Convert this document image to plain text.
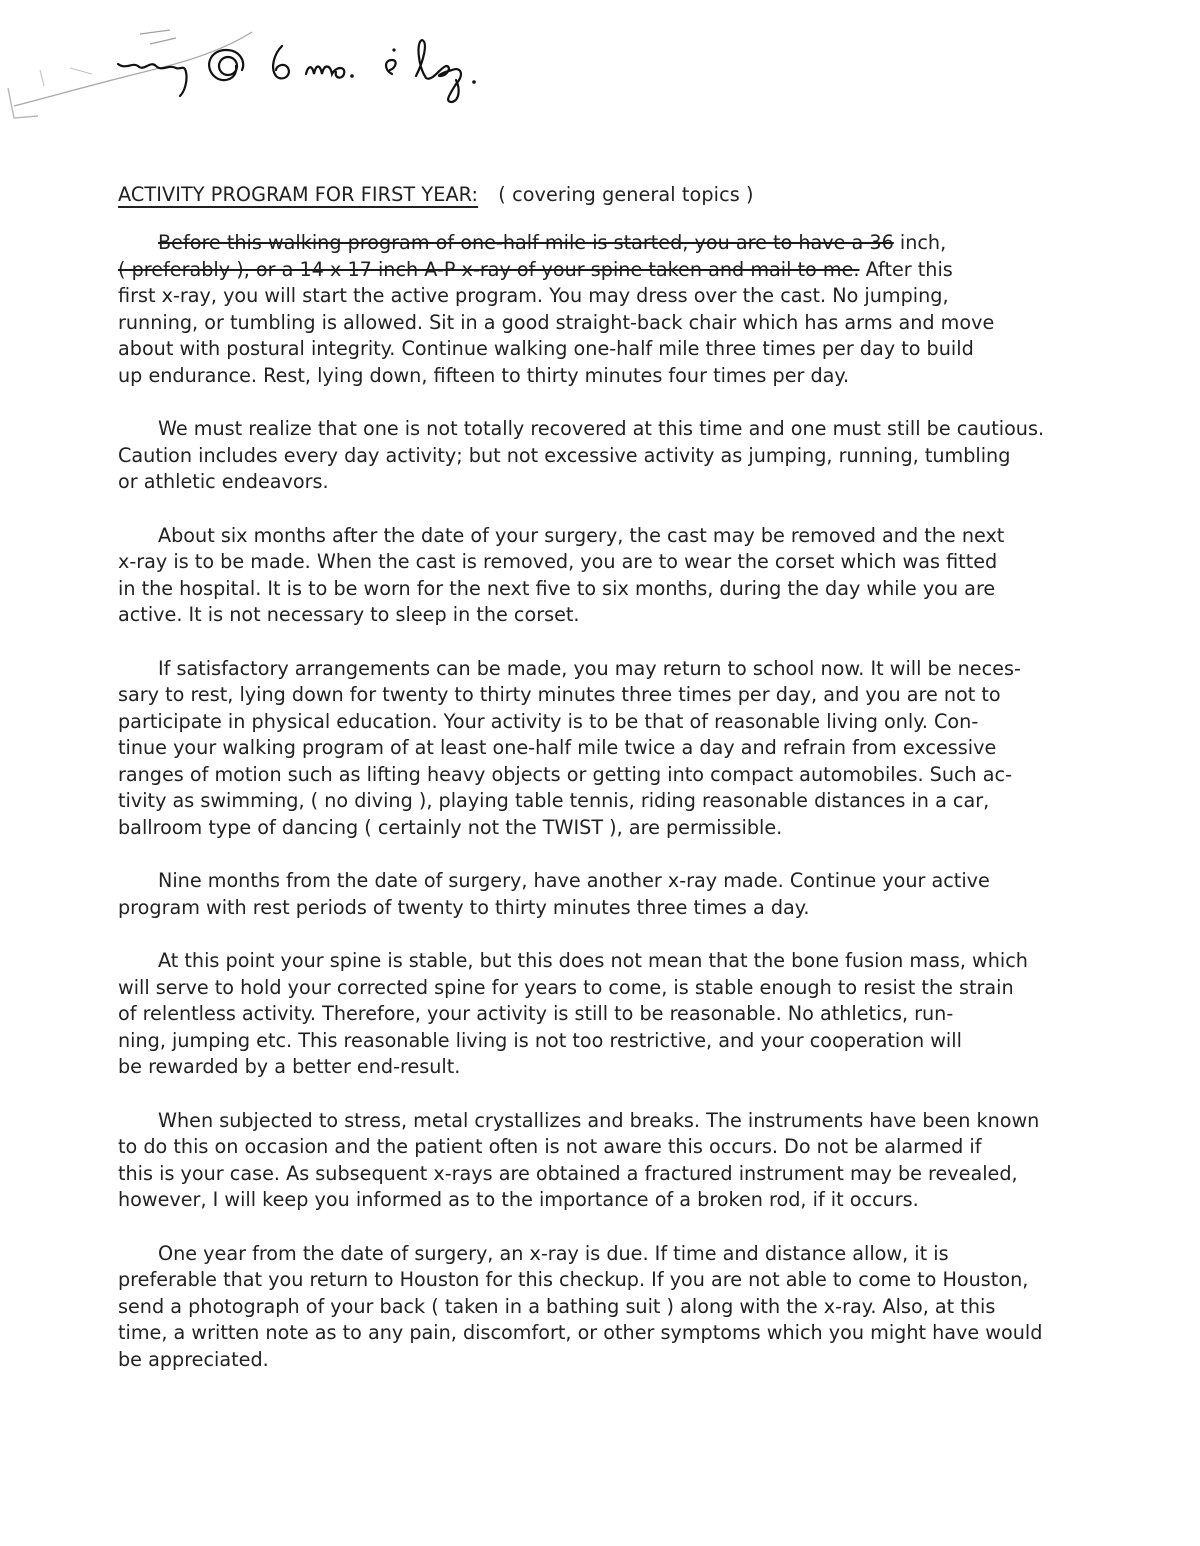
ACTIVITY PROGRAM FOR FIRST YEAR: ( covering general topics )

Before this walking program of one-half mile is started, you are to have a 36 inch,
( preferably ), or a 14 x 17 inch A-P x-ray of your spine taken and mail to me. After this
first x-ray, you will start the active program. You may dress over the cast. No jumping,
running, or tumbling is allowed. Sit in a good straight-back chair which has arms and move
about with postural integrity. Continue walking one-half mile three times per day to build
up endurance. Rest, lying down, fifteen to thirty minutes four times per day.

We must realize that one is not totally recovered at this time and one must still be cautious.
Caution includes every day activity; but not excessive activity as jumping, running, tumbling
or athletic endeavors.

About six months after the date of your surgery, the cast may be removed and the next
x-ray is to be made. When the cast is removed, you are to wear the corset which was fitted
in the hospital. It is to be worn for the next five to six months, during the day while you are
active. It is not necessary to sleep in the corset.

If satisfactory arrangements can be made, you may return to school now. It will be neces-
sary to rest, lying down for twenty to thirty minutes three times per day, and you are not to
participate in physical education. Your activity is to be that of reasonable living only. Con-
tinue your walking program of at least one-half mile twice a day and refrain from excessive
ranges of motion such as lifting heavy objects or getting into compact automobiles. Such ac-
tivity as swimming, ( no diving ), playing table tennis, riding reasonable distances in a car,
ballroom type of dancing ( certainly not the TWIST ), are permissible.

Nine months from the date of surgery, have another x-ray made. Continue your active
program with rest periods of twenty to thirty minutes three times a day.

At this point your spine is stable, but this does not mean that the bone fusion mass, which
will serve to hold your corrected spine for years to come, is stable enough to resist the strain
of relentless activity. Therefore, your activity is still to be reasonable. No athletics, run-
ning, jumping etc. This reasonable living is not too restrictive, and your cooperation will
be rewarded by a better end-result.

When subjected to stress, metal crystallizes and breaks. The instruments have been known
to do this on occasion and the patient often is not aware this occurs. Do not be alarmed if
this is your case. As subsequent x-rays are obtained a fractured instrument may be revealed,
however, I will keep you informed as to the importance of a broken rod, if it occurs.

One year from the date of surgery, an x-ray is due. If time and distance allow, it is
preferable that you return to Houston for this checkup. If you are not able to come to Houston,
send a photograph of your back ( taken in a bathing suit ) along with the x-ray. Also, at this
time, a written note as to any pain, discomfort, or other symptoms which you might have would
be appreciated.
